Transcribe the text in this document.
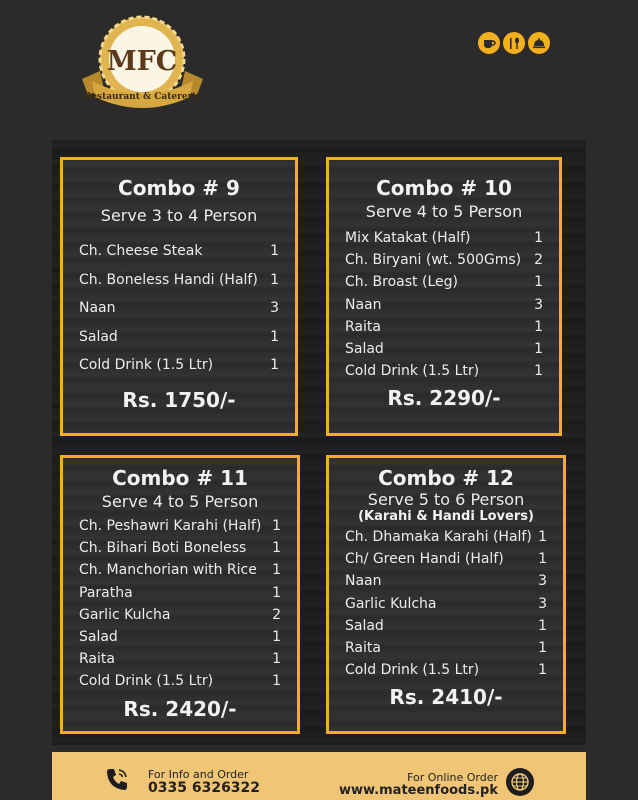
MFC
Restaurant & Caterer's
Combo # 9
Serve 3 to 4 Person
Ch. Cheese Steak	1
Ch. Boneless Handi (Half) 1
Naan	3
Salad	1
Cold Drink (1.5 Ltr)	1
Rs. 1750/-
Combo # 10
Serve 4 to 5 Person
Mix Katakat (Half)	1
Ch. Biryani (wt. 500Gms) 2
Ch. Broast (Leg)	1
Naan	3
Raita	1
Salad	1
Cold Drink (1.5 Ltr)	1
Rs. 2290/-
Combo # 11
Serve 4 to 5 Person
Ch. Peshawri Karahi (Half) 1
Ch. Bihari Boti Boneless 1
Ch. Manchorian with Rice 1
Paratha	1
Garlic Kulcha	2
Salad	1
Raita	1
Cold Drink (1.5 Ltr)	1
Rs. 2420/-
Combo # 12
Serve 5 to 6 Person
(Karahi & Handi Lovers)
Ch. Dhamaka Karahi (Half) 1
Ch/ Green Handi (Half) 1
Naan	3
Garlic Kulcha	3
Salad	1
Raita	1
Cold Drink (1.5 Ltr)	1
Rs. 2410/-
For Info and Order
0335 6326322
For Online Order
www.mateenfoods.pk
